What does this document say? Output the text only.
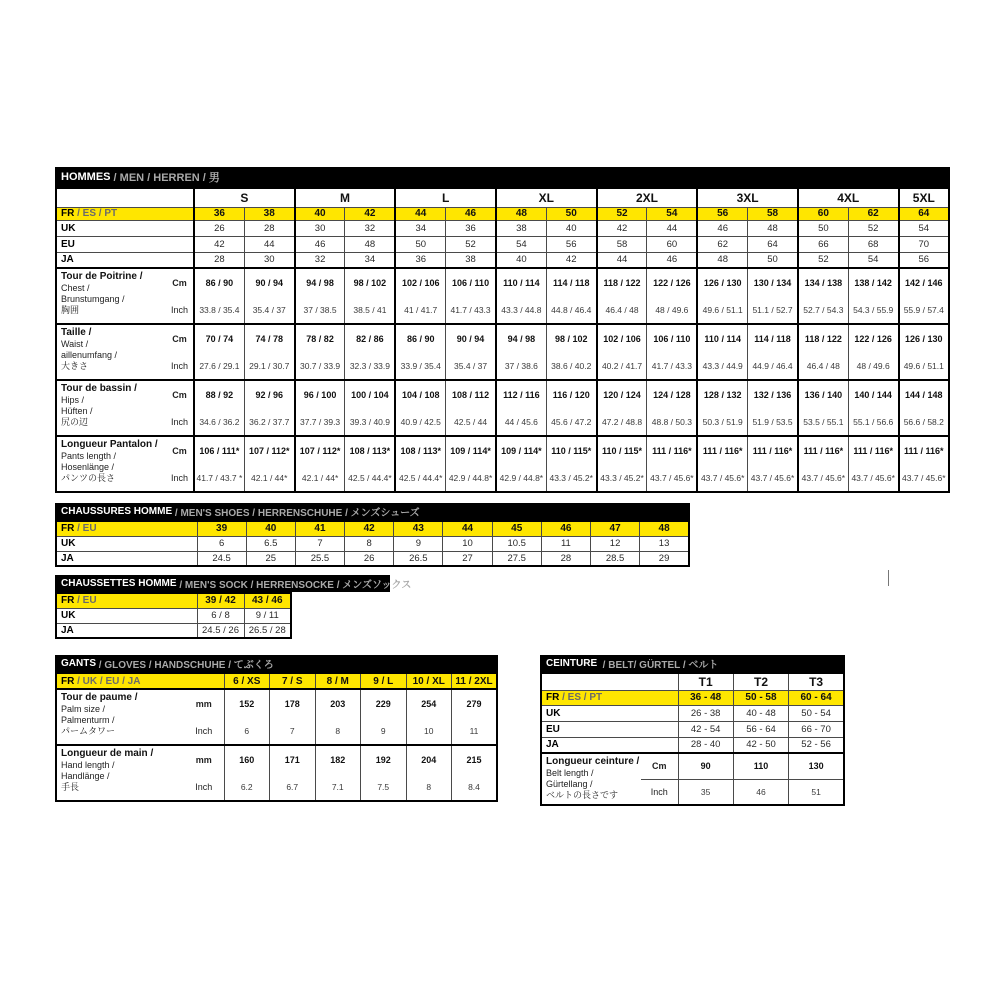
HOMMES / MEN / HERREN / 男
		S		M		L		XL		2XL		3XL		4XL		5XL
FR / ES / PT		36	38	40	42	44	46	48	50	52	54	56	58	60	62	64
UK		26	28	30	32	34	36	38	40	42	44	46	48	50	52	54
EU		42	44	46	48	50	52	54	56	58	60	62	64	66	68	70
JA		28	30	32	34	36	38	40	42	44	46	48	50	52	54	56

Tour de Poitrine /
Chest /
Brunstumgang /
胸囲	Cm	86 / 90	90 / 94	94 / 98	98 / 102	102 / 106	106 / 110	110 / 114	114 / 118	118 / 122	122 / 126	126 / 130	130 / 134	134 / 138	138 / 142	142 / 146
	Inch	33.8 / 35.4	35.4 / 37	37 / 38.5	38.5 / 41	41 / 41.7	41.7 / 43.3	43.3 / 44.8	44.8 / 46.4	46.4 / 48	48 / 49.6	49.6 / 51.1	51.1 / 52.7	52.7 / 54.3	54.3 / 55.9	55.9 / 57.4

Taille /
Waist /
aillenumfang /
大きさ	Cm	70 / 74	74 / 78	78 / 82	82 / 86	86 / 90	90 / 94	94 / 98	98 / 102	102 / 106	106 / 110	110 / 114	114 / 118	118 / 122	122 / 126	126 / 130
	Inch	27.6 / 29.1	29.1 / 30.7	30.7 / 33.9	32.3 / 33.9	33.9 / 35.4	35.4 / 37	37 / 38.6	38.6 / 40.2	40.2 / 41.7	41.7 / 43.3	43.3 / 44.9	44.9 / 46.4	46.4 / 48	48 / 49.6	49.6 / 51.1

Tour de bassin /
Hips /
Hüften /
尻の辺	Cm	88 / 92	92 / 96	96 / 100	100 / 104	104 / 108	108 / 112	112 / 116	116 / 120	120 / 124	124 / 128	128 / 132	132 / 136	136 / 140	140 / 144	144 / 148
	Inch	34.6 / 36.2	36.2 / 37.7	37.7 / 39.3	39.3 / 40.9	40.9 / 42.5	42.5 / 44	44 / 45.6	45.6 / 47.2	47.2 / 48.8	48.8 / 50.3	50.3 / 51.9	51.9 / 53.5	53.5 / 55.1	55.1 / 56.6	56.6 / 58.2

Longueur Pantalon /
Pants length /
Hosenlänge /
パンツの長さ	Cm	106 / 111*	107 / 112*	107 / 112*	108 / 113*	108 / 113*	109 / 114*	109 / 114*	110 / 115*	110 / 115*	111 / 116*	111 / 116*	111 / 116*	111 / 116*	111 / 116*	111 / 116*
	Inch	41.7 / 43.7 *	42.1 / 44*	42.1 / 44*	42.5 / 44.4*	42.5 / 44.4*	42.9 / 44.8*	42.9 / 44.8*	43.3 / 45.2*	43.3 / 45.2*	43.7 / 45.6*	43.7 / 45.6*	43.7 / 45.6*	43.7 / 45.6*	43.7 / 45.6*	43.7 / 45.6*
CHAUSSURES HOMME / MEN'S SHOES / HERRENSCHUHE / メンズシューズ
FR / EU	39	40	41	42	43	44	45	46	47	48
UK	6	6.5	7	8	9	10	10.5	11	12	13
JA	24.5	25	25.5	26	26.5	27	27.5	28	28.5	29
CHAUSSETTES HOMME / MEN'S SOCK / HERRENSOCKE / メンズソックス
FR / EU	39 / 42	43 / 46
UK	6 / 8	9 / 11
JA	24.5 / 26	26.5 / 28
GANTS / GLOVES / HANDSCHUHE / てぶくろ
FR / UK / EU / JA		6 / XS	7 / S	8 / M	9 / L	10 / XL	11 / 2XL

Tour de paume /
Palm size /
Palmenturm /
パームタワー	mm	152	178	203	229	254	279
	Inch	6	7	8	9	10	11

Longueur de main /
Hand length /
Handlänge /
手長	mm	160	171	182	192	204	215
	Inch	6.2	6.7	7.1	7.5	8	8.4
CEINTURE / BELT/ GÜRTEL / ベルト
		T1	T2	T3
FR / ES / PT		36 - 48	50 - 58	60 - 64
UK		26 - 38	40 - 48	50 - 54
EU		42 - 54	56 - 64	66 - 70
JA		28 - 40	42 - 50	52 - 56

Longueur ceinture /
Belt length /
Gürtellang /
ベルトの長さです	Cm	90	110	130
	Inch	35	46	51
